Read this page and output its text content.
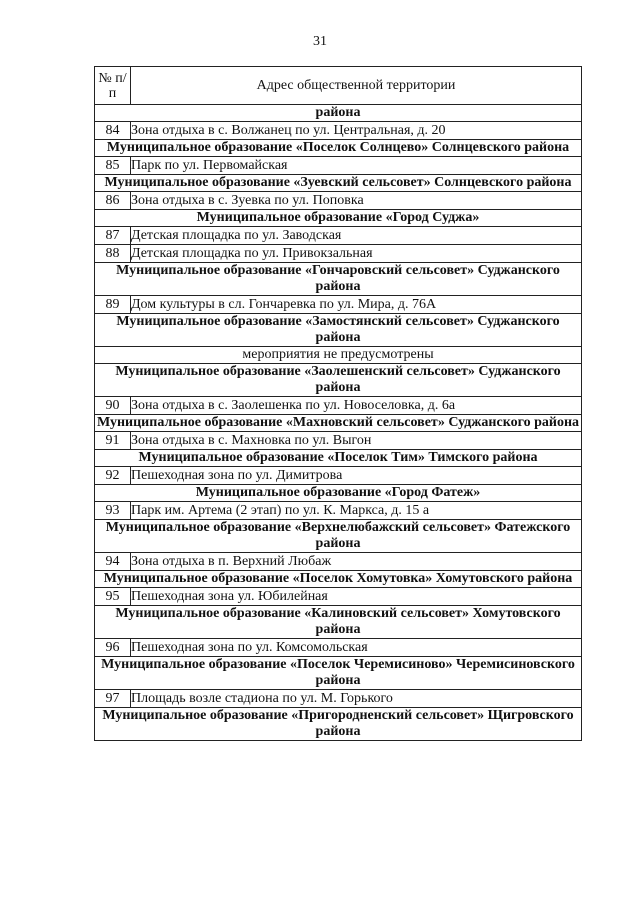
31
№ п/п	Адрес общественной территории
района	
84	Зона отдыха в с. Волжанец по ул. Центральная, д. 20
Муниципальное образование «Поселок Солнцево» Солнцевского района	
85	Парк по ул. Первомайская
Муниципальное образование «Зуевский сельсовет» Солнцевского района	
86	Зона отдыха в с. Зуевка по ул. Поповка
Муниципальное образование «Город Суджа»	
87	Детская площадка по ул. Заводская
88	Детская площадка по ул. Привокзальная
Муниципальное образование «Гончаровский сельсовет» Суджанского района	
89	Дом культуры в сл. Гончаревка по ул. Мира, д. 76А
Муниципальное образование «Замостянский сельсовет» Суджанского района	
мероприятия не предусмотрены	
Муниципальное образование «Заолешенский сельсовет» Суджанского района	
90	Зона отдыха в с. Заолешенка по ул. Новоселовка, д. 6а
Муниципальное образование «Махновский сельсовет» Суджанского района	
91	Зона отдыха в с. Махновка по ул. Выгон
Муниципальное образование «Поселок Тим» Тимского района	
92	Пешеходная зона по ул. Димитрова
Муниципальное образование «Город Фатеж»	
93	Парк им. Артема (2 этап) по ул. К. Маркса, д. 15 а
Муниципальное образование «Верхнелюбажский сельсовет» Фатежского района	
94	Зона отдыха в п. Верхний Любаж
Муниципальное образование «Поселок Хомутовка» Хомутовского района	
95	Пешеходная зона ул. Юбилейная
Муниципальное образование «Калиновский сельсовет» Хомутовского района	
96	Пешеходная зона по ул. Комсомольская
Муниципальное образование «Поселок Черемисиново» Черемисиновского района	
97	Площадь возле стадиона по ул. М. Горького
Муниципальное образование «Пригородненский сельсовет» Щигровского района	
